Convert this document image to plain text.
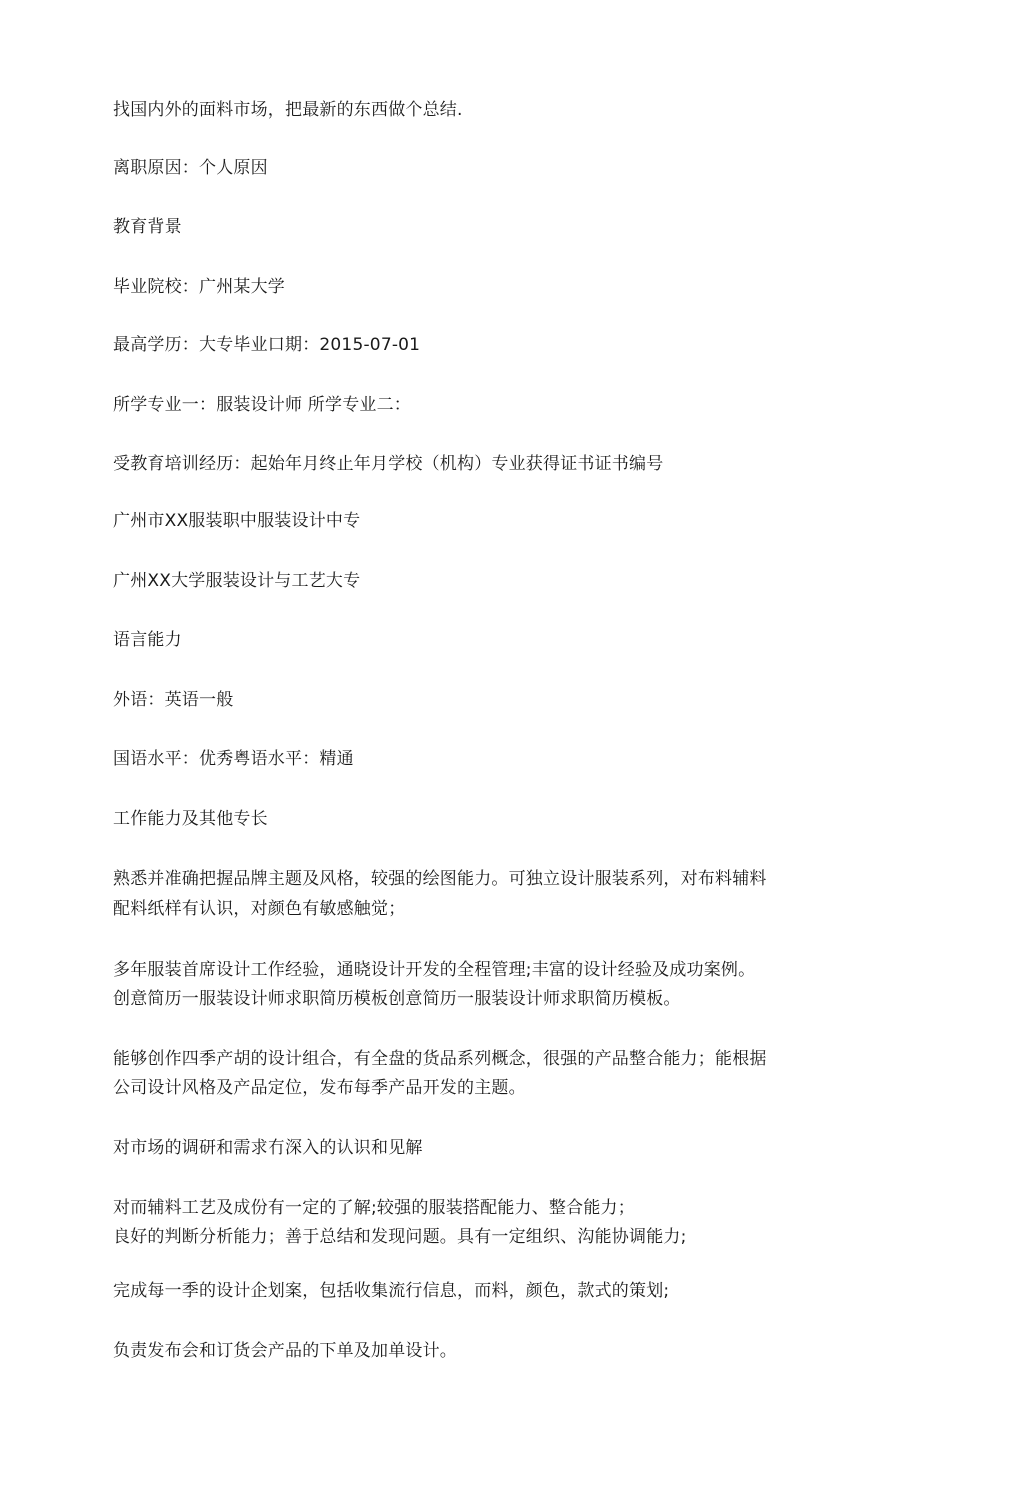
找国内外的面料市场，把最新的东西做个总结.
离职原因：个人原因
教育背景
毕业院校：广州某大学
最高学历：大专毕业口期：2015-07-01
所学专业一：服装设计师 所学专业二：
受教育培训经历：起始年月终止年月学校（机构）专业获得证书证书编号
广州市XX服装职中服装设计中专
广州XX大学服装设计与工艺大专
语言能力
外语：英语一般
国语水平：优秀粤语水平：精通
工作能力及其他专长
熟悉并准确把握品牌主题及风格，较强的绘图能力。可独立设计服装系列，对布料辅料
配料纸样有认识，对颜色有敏感触觉；
多年服装首席设计工作经验，通晓设计开发的全程管理;丰富的设计经验及成功案例。
创意简历一服装设计师求职简历模板创意简历一服装设计师求职简历模板。
能够创作四季产胡的设计组合，有全盘的货品系列概念，很强的产品整合能力；能根据
公司设计风格及产品定位，发布每季产品开发的主题。
对市场的调研和需求冇深入的认识和见解
对而辅料工艺及成份有一定的了解;较强的服装搭配能力、整合能力；
良好的判断分析能力；善于总结和发现问题。具有一定组织、沟能协调能力;
完成每一季的设计企划案，包括收集流行信息，而料，颜色，款式的策划;
负责发布会和订货会产品的下单及加单设计。
